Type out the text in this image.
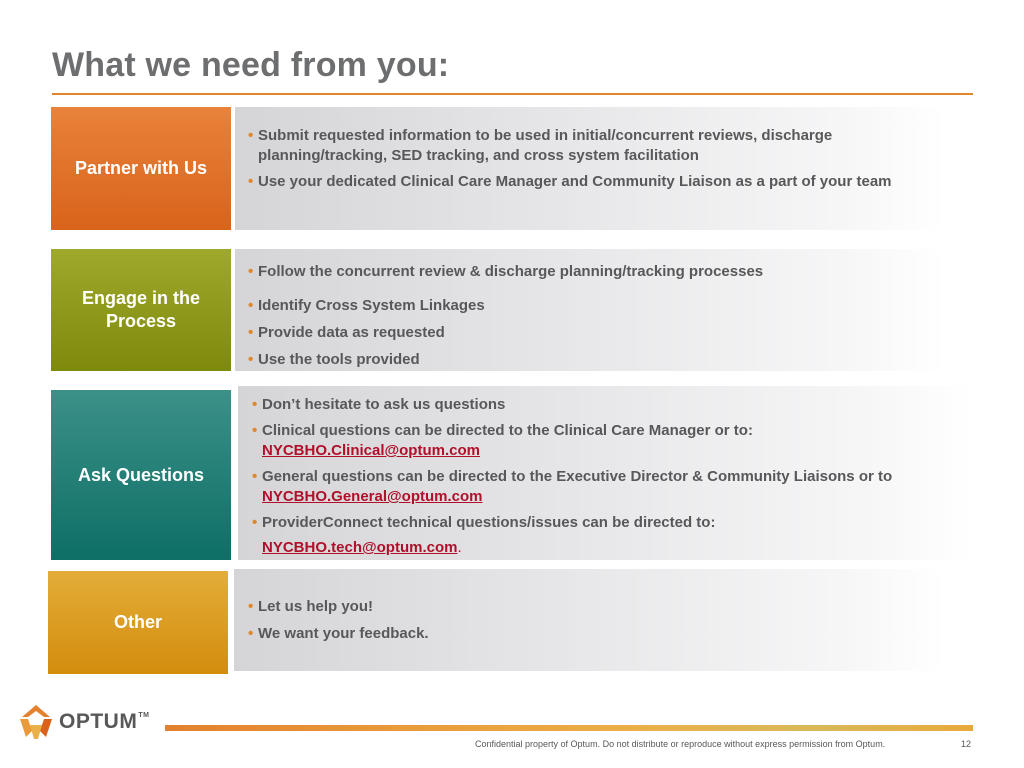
What we need from you:
Partner with Us
• Submit requested information to be used in initial/concurrent reviews, discharge planning/tracking, SED tracking, and cross system facilitation
• Use your dedicated Clinical Care Manager and Community Liaison as a part of your team
Engage in the Process
• Follow the concurrent review & discharge planning/tracking processes
• Identify Cross System Linkages
• Provide data as requested
• Use the tools provided
Ask Questions
• Don’t hesitate to ask us questions
• Clinical questions can be directed to the Clinical Care Manager or to:
NYCBHO.Clinical@optum.com
• General questions can be directed to the Executive Director & Community Liaisons or to
NYCBHO.General@optum.com
• ProviderConnect technical questions/issues can be directed to:
NYCBHO.tech@optum.com.
Other
• Let us help you!
• We want your feedback.
OPTUM™
Confidential property of Optum. Do not distribute or reproduce without express permission from Optum.	12
